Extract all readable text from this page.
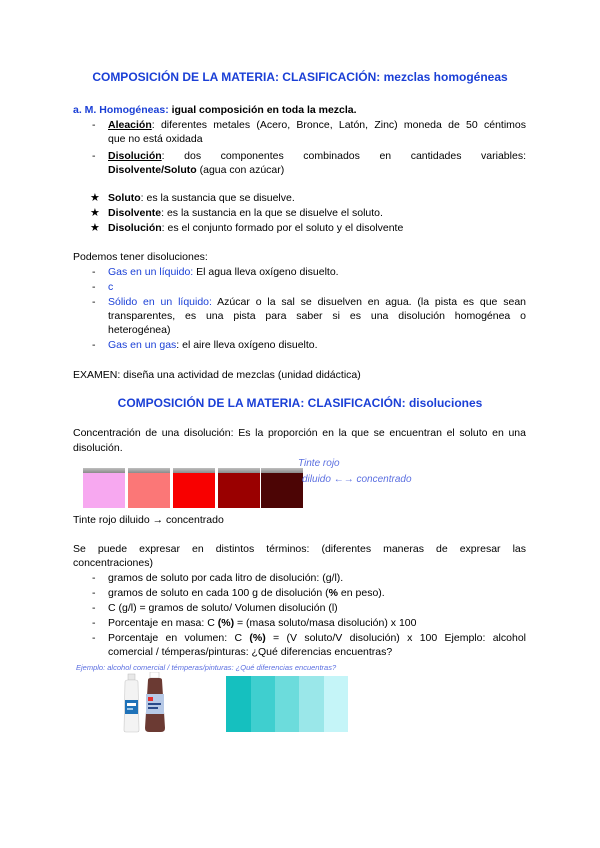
COMPOSICIÓN DE LA MATERIA: CLASIFICACIÓN: mezclas homogéneas
a. M. Homogéneas: igual composición en toda la mezcla.
- Aleación: diferentes metales (Acero, Bronce, Latón, Zinc) moneda de 50 céntimos
que no está oxidada
- Disolución: dos componentes combinados en cantidades variables:
Disolvente/Soluto (agua con azúcar)
★ Soluto: es la sustancia que se disuelve.
★ Disolvente: es la sustancia en la que se disuelve el soluto.
★ Disolución: es el conjunto formado por el soluto y el disolvente
Podemos tener disoluciones:
- Gas en un líquido: El agua lleva oxígeno disuelto.
- c
- Sólido en un líquido: Azúcar o la sal se disuelven en agua. (la pista es que sean
transparentes, es una pista para saber si es una disolución homogénea o
heterogénea)
- Gas en un gas: el aire lleva oxígeno disuelto.
EXAMEN: diseña una actividad de mezclas (unidad didáctica)
COMPOSICIÓN DE LA MATERIA: CLASIFICACIÓN: disoluciones
Concentración de una disolución: Es la proporción en la que se encuentran el soluto en una
disolución.
Tinte rojo
diluido ←→ concentrado
Tinte rojo diluido → concentrado
Se puede expresar en distintos términos: (diferentes maneras de expresar las
concentraciones)
- gramos de soluto por cada litro de disolución: (g/l).
- gramos de soluto en cada 100 g de disolución (% en peso).
- C (g/l) = gramos de soluto/ Volumen disolución (l)
- Porcentaje en masa: C (%) = (masa soluto/masa disolución) x 100
- Porcentaje en volumen: C (%) = (V soluto/V disolución) x 100 Ejemplo: alcohol
comercial / témperas/pinturas: ¿Qué diferencias encuentras?
Ejemplo: alcohol comercial / témperas/pinturas: ¿Qué diferencias encuentras?
